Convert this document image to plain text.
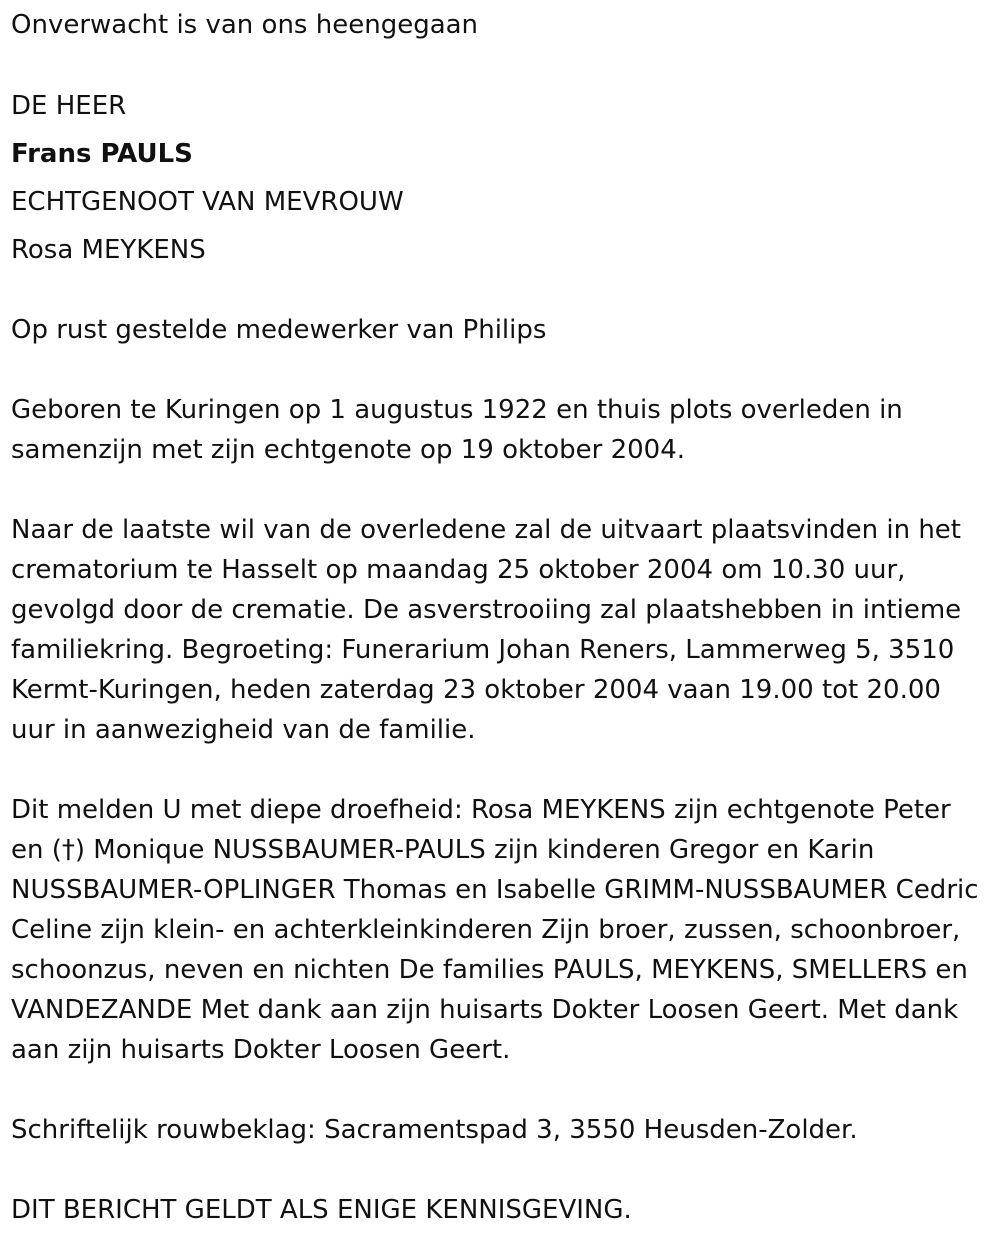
Onverwacht is van ons heengegaan
DE HEER
Frans PAULS
ECHTGENOOT VAN MEVROUW
Rosa MEYKENS
Op rust gestelde medewerker van Philips
Geboren te Kuringen op 1 augustus 1922 en thuis plots overleden in
samenzijn met zijn echtgenote op 19 oktober 2004.
Naar de laatste wil van de overledene zal de uitvaart plaatsvinden in het
crematorium te Hasselt op maandag 25 oktober 2004 om 10.30 uur,
gevolgd door de crematie. De asverstrooiing zal plaatshebben in intieme
familiekring. Begroeting: Funerarium Johan Reners, Lammerweg 5, 3510
Kermt-Kuringen, heden zaterdag 23 oktober 2004 vaan 19.00 tot 20.00
uur in aanwezigheid van de familie.
Dit melden U met diepe droefheid: Rosa MEYKENS zijn echtgenote Peter
en (†) Monique NUSSBAUMER-PAULS zijn kinderen Gregor en Karin
NUSSBAUMER-OPLINGER Thomas en Isabelle GRIMM-NUSSBAUMER Cedric
Celine zijn klein- en achterkleinkinderen Zijn broer, zussen, schoonbroer,
schoonzus, neven en nichten De families PAULS, MEYKENS, SMELLERS en
VANDEZANDE Met dank aan zijn huisarts Dokter Loosen Geert. Met dank
aan zijn huisarts Dokter Loosen Geert.
Schriftelijk rouwbeklag: Sacramentspad 3, 3550 Heusden-Zolder.
DIT BERICHT GELDT ALS ENIGE KENNISGEVING.
